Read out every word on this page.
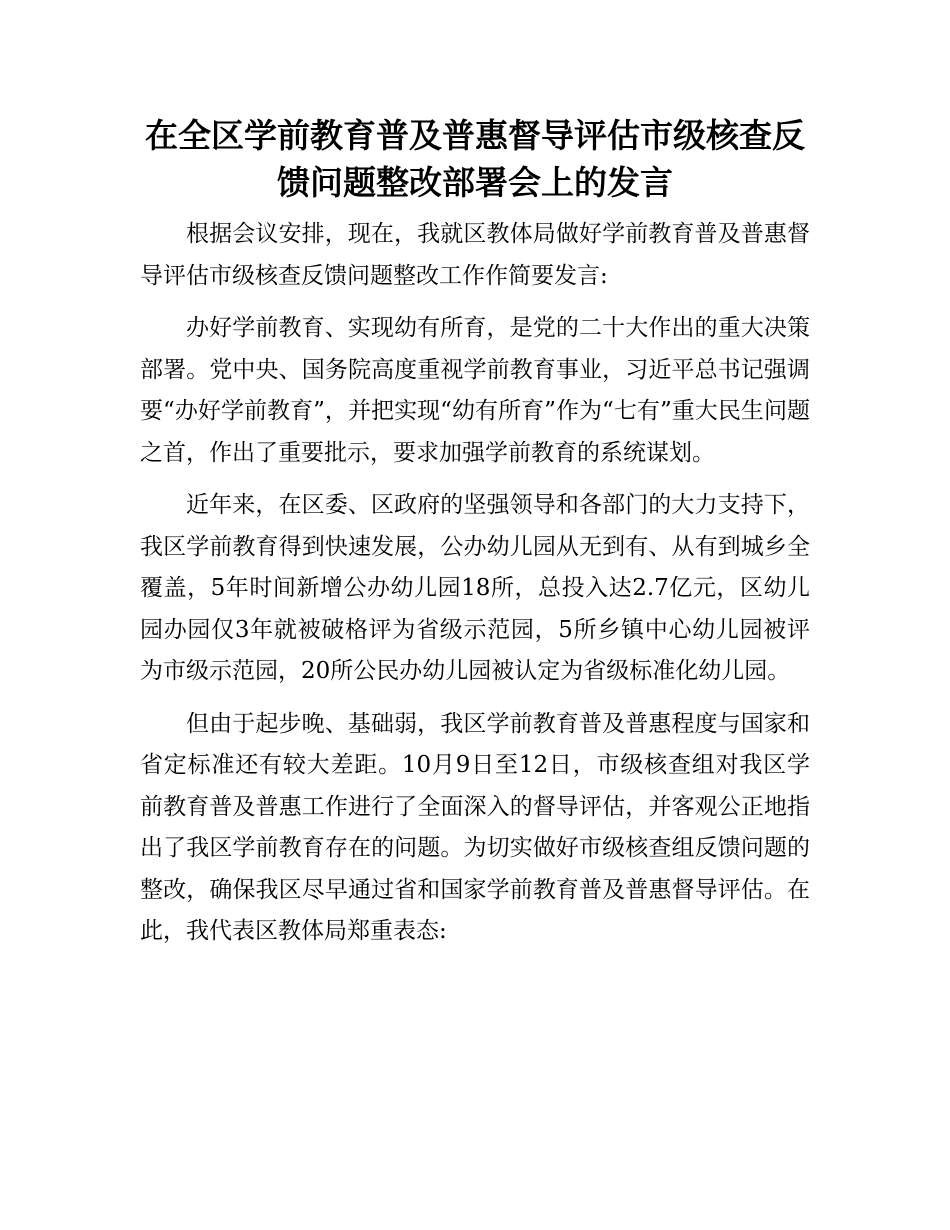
在全区学前教育普及普惠督导评估市级核查反
馈问题整改部署会上的发言

根据会议安排，现在，我就区教体局做好学前教育普及普惠督导评估市级核查反馈问题整改工作作简要发言:

办好学前教育、实现幼有所育，是党的二十大作出的重大决策部署。党中央、国务院高度重视学前教育事业，习近平总书记强调要“办好学前教育”，并把实现“幼有所育”作为“七有”重大民生问题之首，作出了重要批示，要求加强学前教育的系统谋划。

近年来，在区委、区政府的坚强领导和各部门的大力支持下，我区学前教育得到快速发展，公办幼儿园从无到有、从有到城乡全覆盖，5年时间新增公办幼儿园18所，总投入达2.7亿元，区幼儿园办园仅3年就被破格评为省级示范园，5所乡镇中心幼儿园被评为市级示范园，20所公民办幼儿园被认定为省级标准化幼儿园。

但由于起步晚、基础弱，我区学前教育普及普惠程度与国家和省定标准还有较大差距。10月9日至12日，市级核查组对我区学前教育普及普惠工作进行了全面深入的督导评估，并客观公正地指出了我区学前教育存在的问题。为切实做好市级核查组反馈问题的整改，确保我区尽早通过省和国家学前教育普及普惠督导评估。在此，我代表区教体局郑重表态:
